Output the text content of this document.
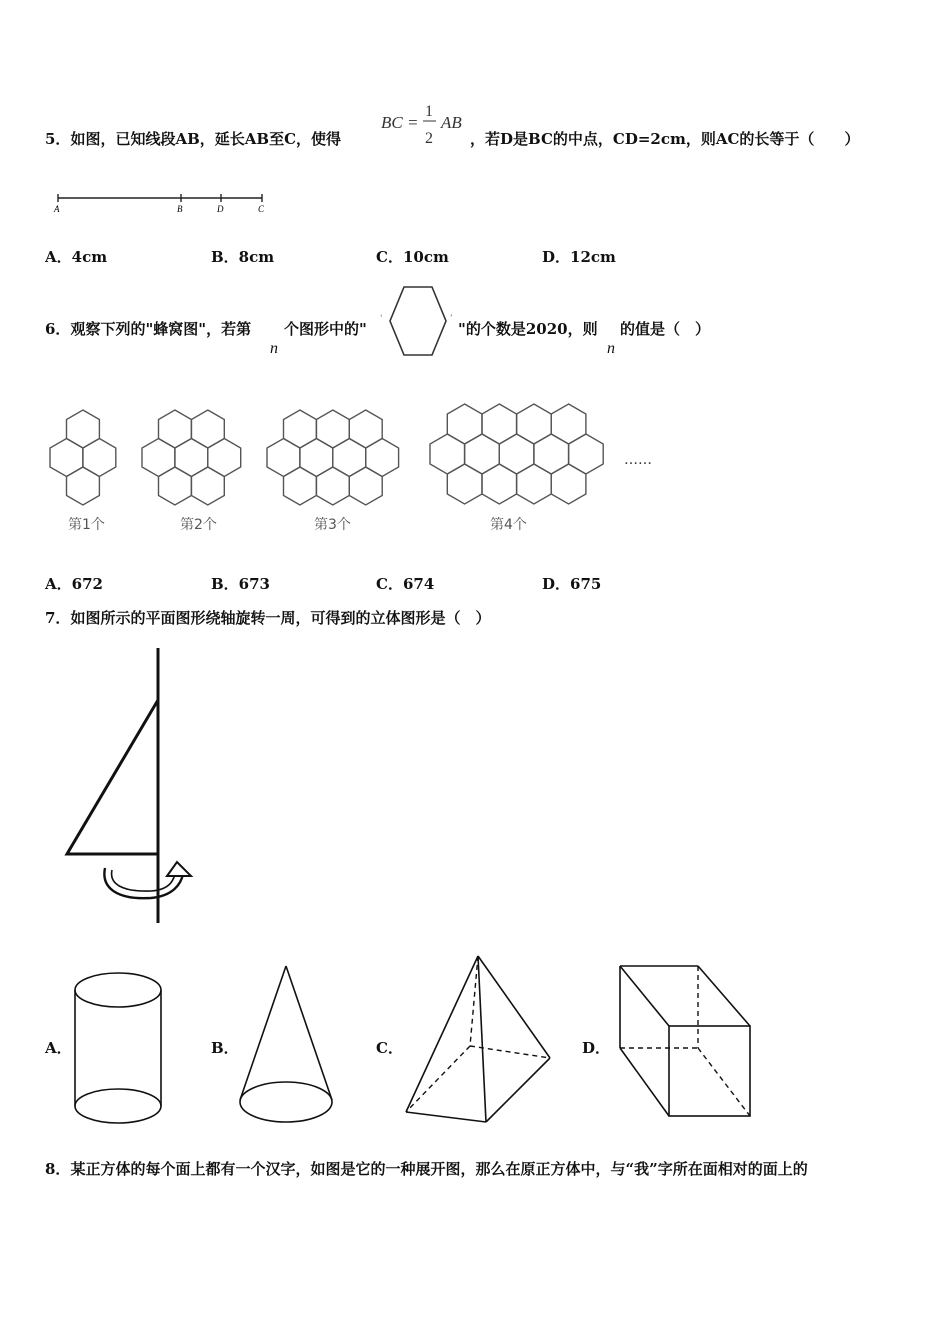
5．如图，已知线段AB，延长AB至C，使得
BC =
1
2
AB
，若D是BC的中点，CD=2cm，则AC的长等于（　　）
A	B	D	C
A．4cm	B．8cm	C．10cm	D．12cm
6．观察下列的"蜂窝图"，若第 个图形中的"
n
‘	’
"的个数是2020，则 的值是（　）
n
……
第1个	第2个	第3个	第4个
A．672	B．673	C．674	D．675
7．如图所示的平面图形绕轴旋转一周，可得到的立体图形是（　）
A．	B．	C．	D．
8．某正方体的每个面上都有一个汉字，如图是它的一种展开图，那么在原正方体中，与“我”字所在面相对的面上的
